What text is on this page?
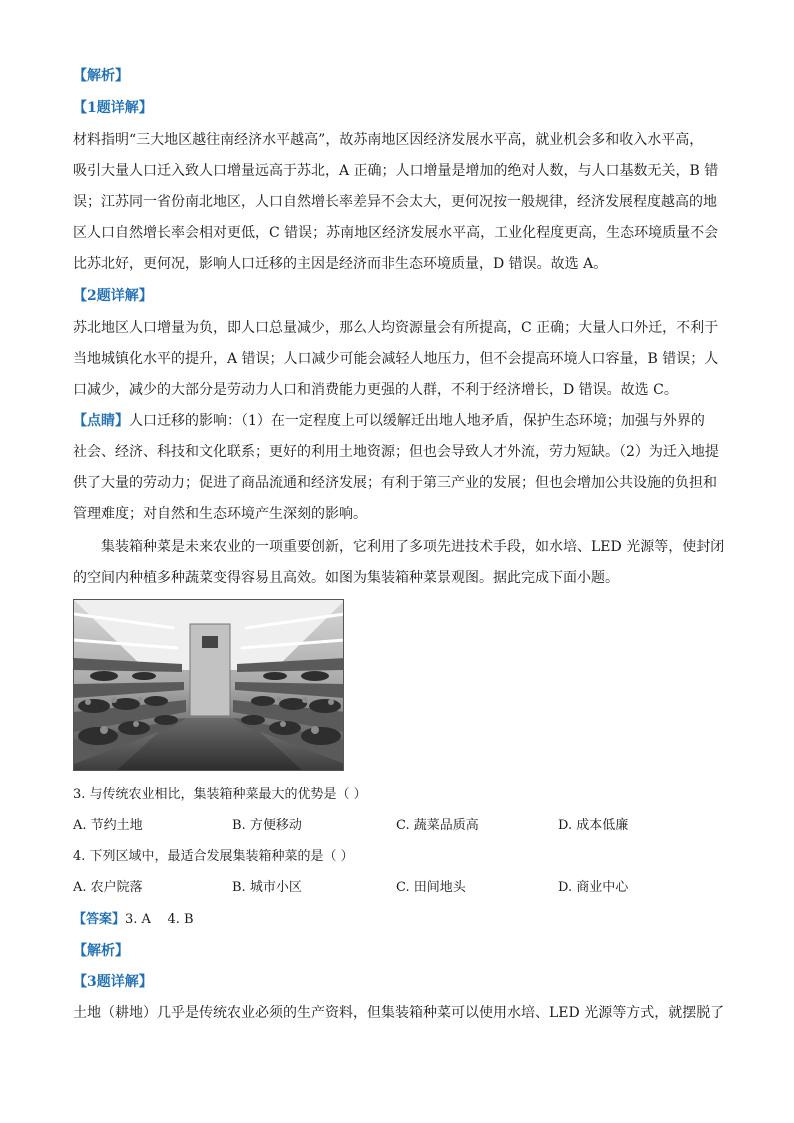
【解析】
【1题详解】
材料指明“三大地区越往南经济水平越高”，故苏南地区因经济发展水平高，就业机会多和收入水平高，
吸引大量人口迁入致人口增量远高于苏北，A 正确；人口增量是增加的绝对人数，与人口基数无关，B 错
误；江苏同一省份南北地区，人口自然增长率差异不会太大，更何况按一般规律，经济发展程度越高的地
区人口自然增长率会相对更低，C 错误；苏南地区经济发展水平高，工业化程度更高，生态环境质量不会
比苏北好，更何况，影响人口迁移的主因是经济而非生态环境质量，D 错误。故选 A。
【2题详解】
苏北地区人口增量为负，即人口总量减少，那么人均资源量会有所提高，C 正确；大量人口外迁，不利于
当地城镇化水平的提升，A 错误；人口减少可能会减轻人地压力，但不会提高环境人口容量，B 错误；人
口减少，减少的大部分是劳动力人口和消费能力更强的人群，不利于经济增长，D 错误。故选 C。
【点睛】人口迁移的影响：（1）在一定程度上可以缓解迁出地人地矛盾，保护生态环境；加强与外界的
社会、经济、科技和文化联系；更好的利用土地资源；但也会导致人才外流，劳力短缺。（2）为迁入地提
供了大量的劳动力；促进了商品流通和经济发展；有利于第三产业的发展；但也会增加公共设施的负担和
管理难度；对自然和生态环境产生深刻的影响。
集装箱种菜是未来农业的一项重要创新，它利用了多项先进技术手段，如水培、LED 光源等，使封闭
的空间内种植多种蔬菜变得容易且高效。如图为集装箱种菜景观图。据此完成下面小题。
3. 与传统农业相比，集装箱种菜最大的优势是（ ）
A. 节约土地	B. 方便移动	C. 蔬菜品质高	D. 成本低廉
4. 下列区域中，最适合发展集装箱种菜的是（ ）
A. 农户院落	B. 城市小区	C. 田间地头	D. 商业中心
【答案】3. A    4. B
【解析】
【3题详解】
土地（耕地）几乎是传统农业必须的生产资料，但集装箱种菜可以使用水培、LED 光源等方式，就摆脱了
